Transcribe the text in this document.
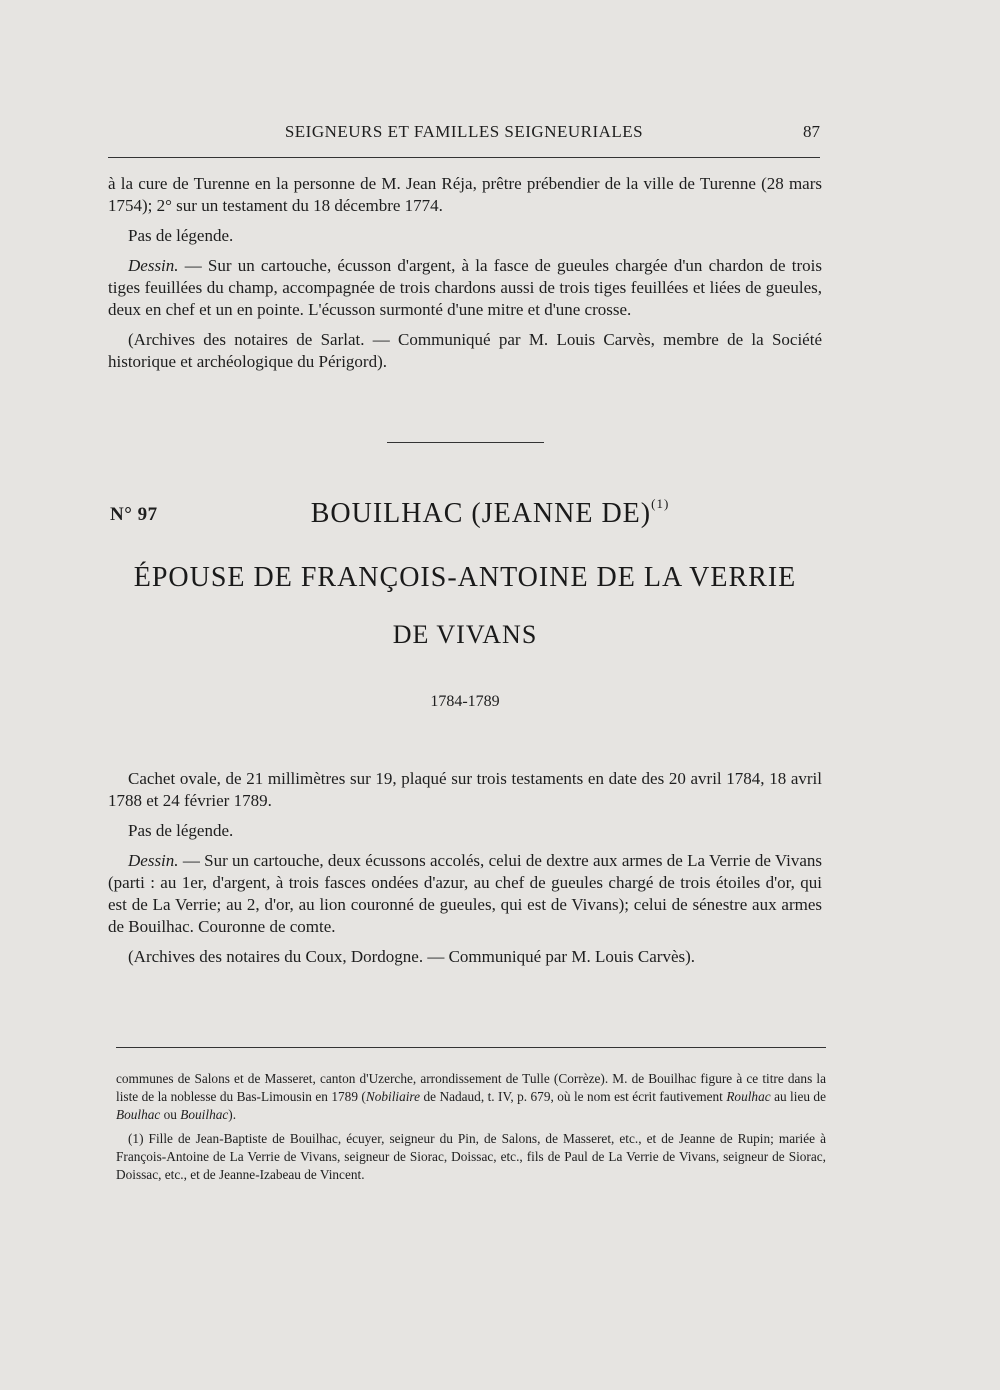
SEIGNEURS ET FAMILLES SEIGNEURIALES	87

à la cure de Turenne en la personne de M. Jean Réja, prêtre prébendier de la ville de Turenne (28 mars 1754); 2° sur un testament du 18 décembre 1774.

Pas de légende.

Dessin. — Sur un cartouche, écusson d'argent, à la fasce de gueules chargée d'un chardon de trois tiges feuillées du champ, accompagnée de trois chardons aussi de trois tiges feuillées et liées de gueules, deux en chef et un en pointe. L'écusson surmonté d'une mitre et d'une crosse.

(Archives des notaires de Sarlat. — Communiqué par M. Louis Carvès, membre de la Société historique et archéologique du Périgord).

N° 97	BOUILHAC (JEANNE DE)$^{(1)}$
ÉPOUSE DE FRANÇOIS-ANTOINE DE LA VERRIE
DE VIVANS
1784-1789

Cachet ovale, de 21 millimètres sur 19, plaqué sur trois testaments en date des 20 avril 1784, 18 avril 1788 et 24 février 1789.

Pas de légende.

Dessin. — Sur un cartouche, deux écussons accolés, celui de dextre aux armes de La Verrie de Vivans (parti : au 1er, d'argent, à trois fasces ondées d'azur, au chef de gueules chargé de trois étoiles d'or, qui est de La Verrie; au 2, d'or, au lion couronné de gueules, qui est de Vivans); celui de sénestre aux armes de Bouilhac. Couronne de comte.

(Archives des notaires du Coux, Dordogne. — Communiqué par M. Louis Carvès).

communes de Salons et de Masseret, canton d'Uzerche, arrondissement de Tulle (Corrèze). M. de Bouilhac figure à ce titre dans la liste de la noblesse du Bas-Limousin en 1789 (Nobiliaire de Nadaud, t. IV, p. 679, où le nom est écrit fautivement Roulhac au lieu de Boulhac ou Bouilhac).

(1) Fille de Jean-Baptiste de Bouilhac, écuyer, seigneur du Pin, de Salons, de Masseret, etc., et de Jeanne de Rupin; mariée à François-Antoine de La Verrie de Vivans, seigneur de Siorac, Doissac, etc., fils de Paul de La Verrie de Vivans, seigneur de Siorac, Doissac, etc., et de Jeanne-Izabeau de Vincent.
